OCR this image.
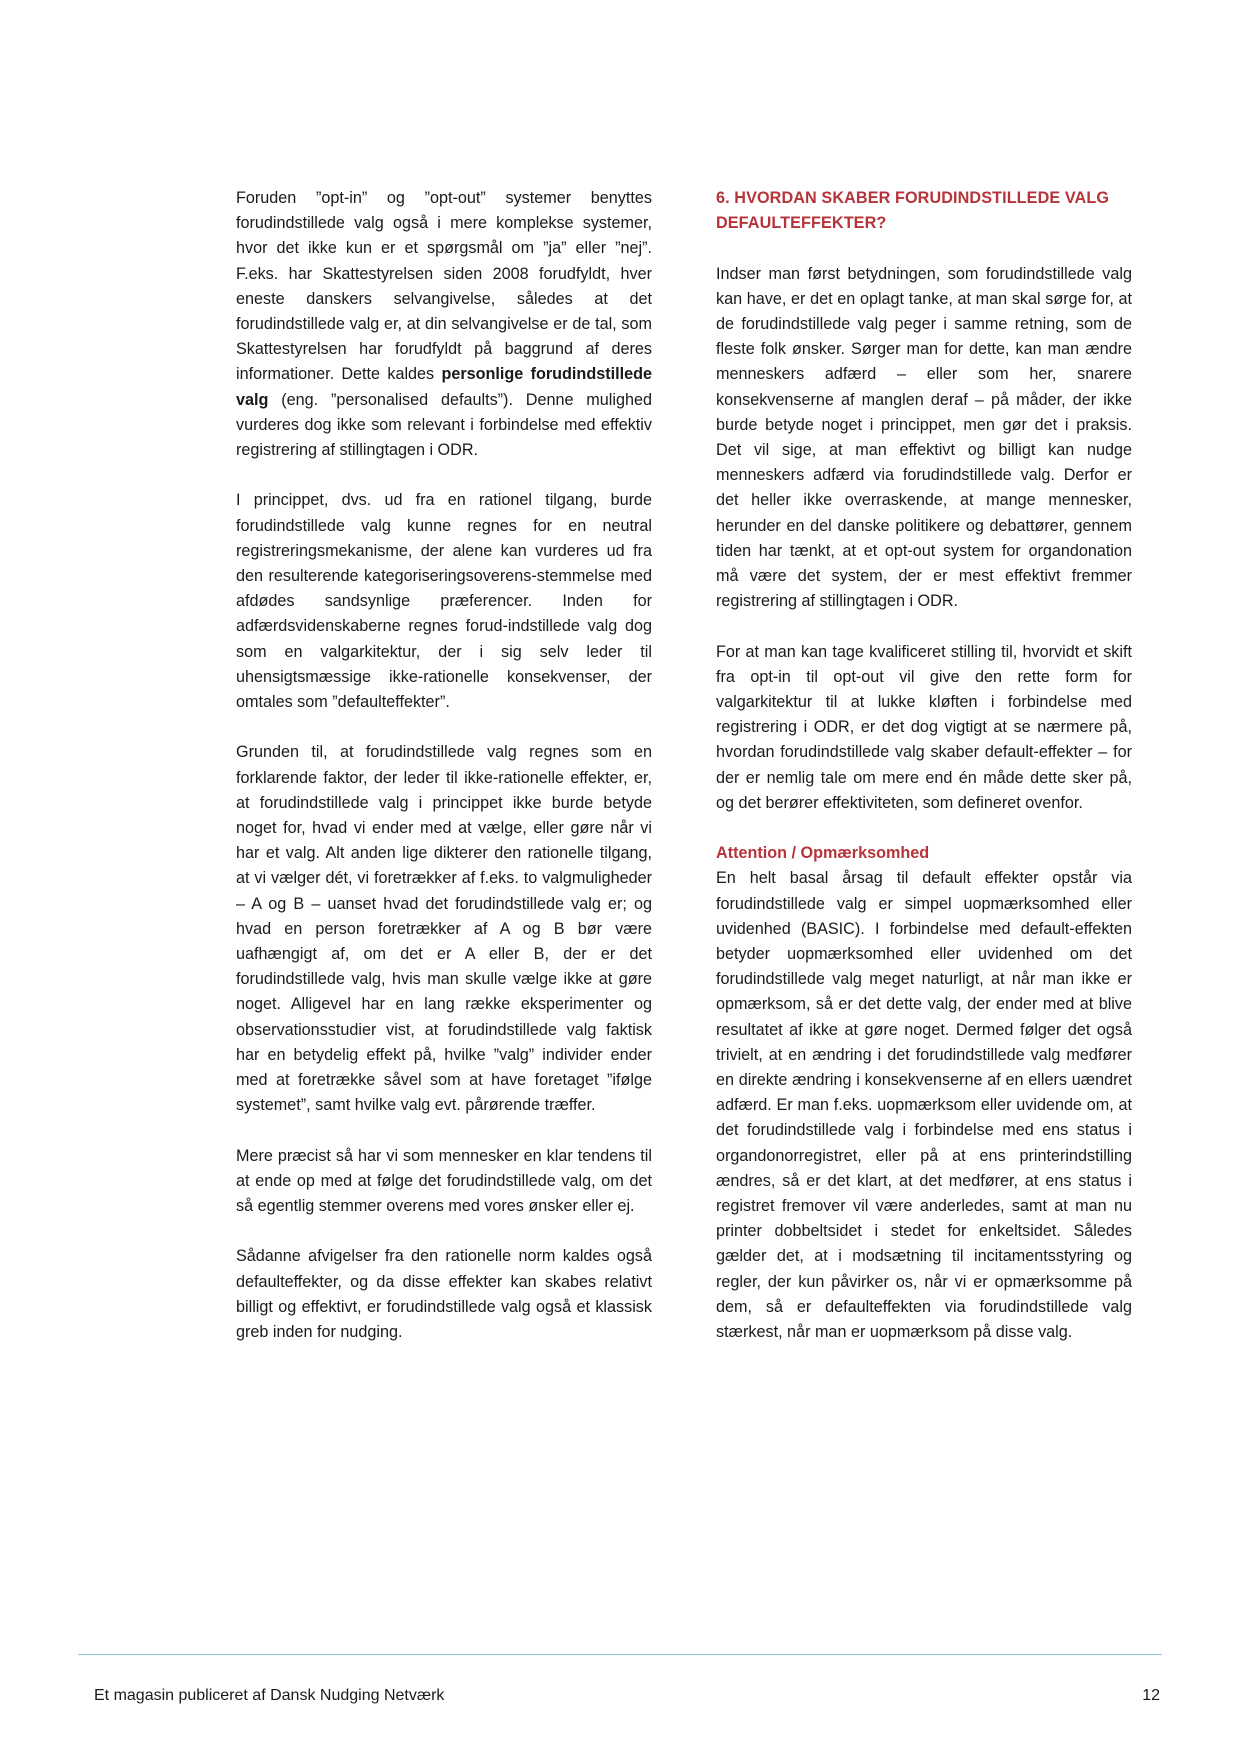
Foruden ”opt-in” og ”opt-out” systemer benyttes forudindstillede valg også i mere komplekse systemer, hvor det ikke kun er et spørgsmål om ”ja” eller ”nej”. F.eks. har Skattestyrelsen siden 2008 forudfyldt, hver eneste danskers selvangivelse, således at det forudindstillede valg er, at din selvangivelse er de tal, som Skattestyrelsen har forudfyldt på baggrund af deres informationer. Dette kaldes personlige forudindstillede valg (eng. ”personalised defaults”). Denne mulighed vurderes dog ikke som relevant i forbindelse med effektiv registrering af stillingtagen i ODR.

I princippet, dvs. ud fra en rationel tilgang, burde forudindstillede valg kunne regnes for en neutral registreringsmekanisme, der alene kan vurderes ud fra den resulterende kategoriseringsoverens-stemmelse med afdødes sandsynlige præferencer. Inden for adfærdsvidenskaberne regnes forud-indstillede valg dog som en valgarkitektur, der i sig selv leder til uhensigtsmæssige ikke-rationelle konsekvenser, der omtales som ”defaulteffekter”.

Grunden til, at forudindstillede valg regnes som en forklarende faktor, der leder til ikke-rationelle effekter, er, at forudindstillede valg i princippet ikke burde betyde noget for, hvad vi ender med at vælge, eller gøre når vi har et valg. Alt anden lige dikterer den rationelle tilgang, at vi vælger dét, vi foretrækker af f.eks. to valgmuligheder – A og B – uanset hvad det forudindstillede valg er; og hvad en person foretrækker af A og B bør være uafhængigt af, om det er A eller B, der er det forudindstillede valg, hvis man skulle vælge ikke at gøre noget. Alligevel har en lang række eksperimenter og observationsstudier vist, at forudindstillede valg faktisk har en betydelig effekt på, hvilke ”valg” individer ender med at foretrække såvel som at have foretaget ”ifølge systemet”, samt hvilke valg evt. pårørende træffer.

Mere præcist så har vi som mennesker en klar tendens til at ende op med at følge det forudindstillede valg, om det så egentlig stemmer overens med vores ønsker eller ej.

Sådanne afvigelser fra den rationelle norm kaldes også defaulteffekter, og da disse effekter kan skabes relativt billigt og effektivt, er forudindstillede valg også et klassisk greb inden for nudging.

6. HVORDAN SKABER FORUDINDSTILLEDE VALG DEFAULTEFFEKTER?

Indser man først betydningen, som forudindstillede valg kan have, er det en oplagt tanke, at man skal sørge for, at de forudindstillede valg peger i samme retning, som de fleste folk ønsker. Sørger man for dette, kan man ændre menneskers adfærd – eller som her, snarere konsekvenserne af manglen deraf – på måder, der ikke burde betyde noget i princippet, men gør det i praksis. Det vil sige, at man effektivt og billigt kan nudge menneskers adfærd via forudindstillede valg. Derfor er det heller ikke overraskende, at mange mennesker, herunder en del danske politikere og debattører, gennem tiden har tænkt, at et opt-out system for organdonation må være det system, der er mest effektivt fremmer registrering af stillingtagen i ODR.

For at man kan tage kvalificeret stilling til, hvorvidt et skift fra opt-in til opt-out vil give den rette form for valgarkitektur til at lukke kløften i forbindelse med registrering i ODR, er det dog vigtigt at se nærmere på, hvordan forudindstillede valg skaber default-effekter – for der er nemlig tale om mere end én måde dette sker på, og det berører effektiviteten, som defineret ovenfor.

Attention / Opmærksomhed

En helt basal årsag til default effekter opstår via forudindstillede valg er simpel uopmærksomhed eller uvidenhed (BASIC). I forbindelse med default-effekten betyder uopmærksomhed eller uvidenhed om det forudindstillede valg meget naturligt, at når man ikke er opmærksom, så er det dette valg, der ender med at blive resultatet af ikke at gøre noget. Dermed følger det også trivielt, at en ændring i det forudindstillede valg medfører en direkte ændring i konsekvenserne af en ellers uændret adfærd. Er man f.eks. uopmærksom eller uvidende om, at det forudindstillede valg i forbindelse med ens status i organdonorregistret, eller på at ens printerindstilling ændres, så er det klart, at det medfører, at ens status i registret fremover vil være anderledes, samt at man nu printer dobbeltsidet i stedet for enkeltsidet. Således gælder det, at i modsætning til incitamentsstyring og regler, der kun påvirker os, når vi er opmærksomme på dem, så er defaulteffekten via forudindstillede valg stærkest, når man er uopmærksom på disse valg.

Et magasin publiceret af Dansk Nudging Netværk	12
